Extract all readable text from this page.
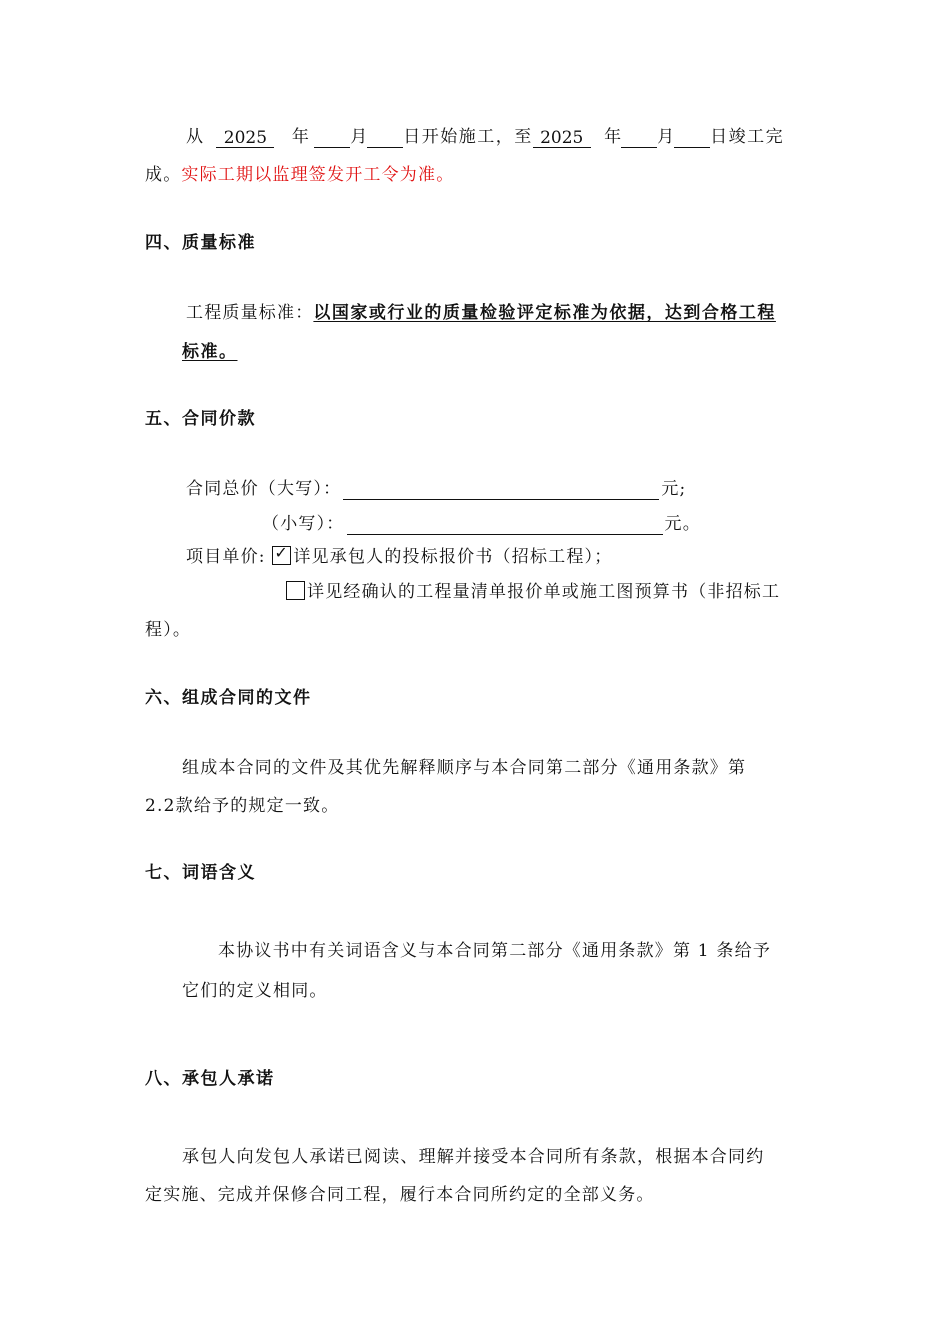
从 2025 年 月 日开始施工，至 2025 年 月 日竣工完
成。实际工期以监理签发开工令为准。
四、质量标准
工程质量标准：以国家或行业的质量检验评定标准为依据，达到合格工程
标准。
五、合同价款
合同总价（大写）：	元;
（小写）：	元。
项目单价: ✓ 详见承包人的投标报价书（招标工程）；
详见经确认的工程量清单报价单或施工图预算书（非招标工
程）。
六、组成合同的文件
组成本合同的文件及其优先解释顺序与本合同第二部分《通用条款》第
2.2款给予的规定一致。
七、词语含义
本协议书中有关词语含义与本合同第二部分《通用条款》第 1 条给予
它们的定义相同。
八、承包人承诺
承包人向发包人承诺已阅读、理解并接受本合同所有条款，根据本合同约
定实施、完成并保修合同工程，履行本合同所约定的全部义务。
